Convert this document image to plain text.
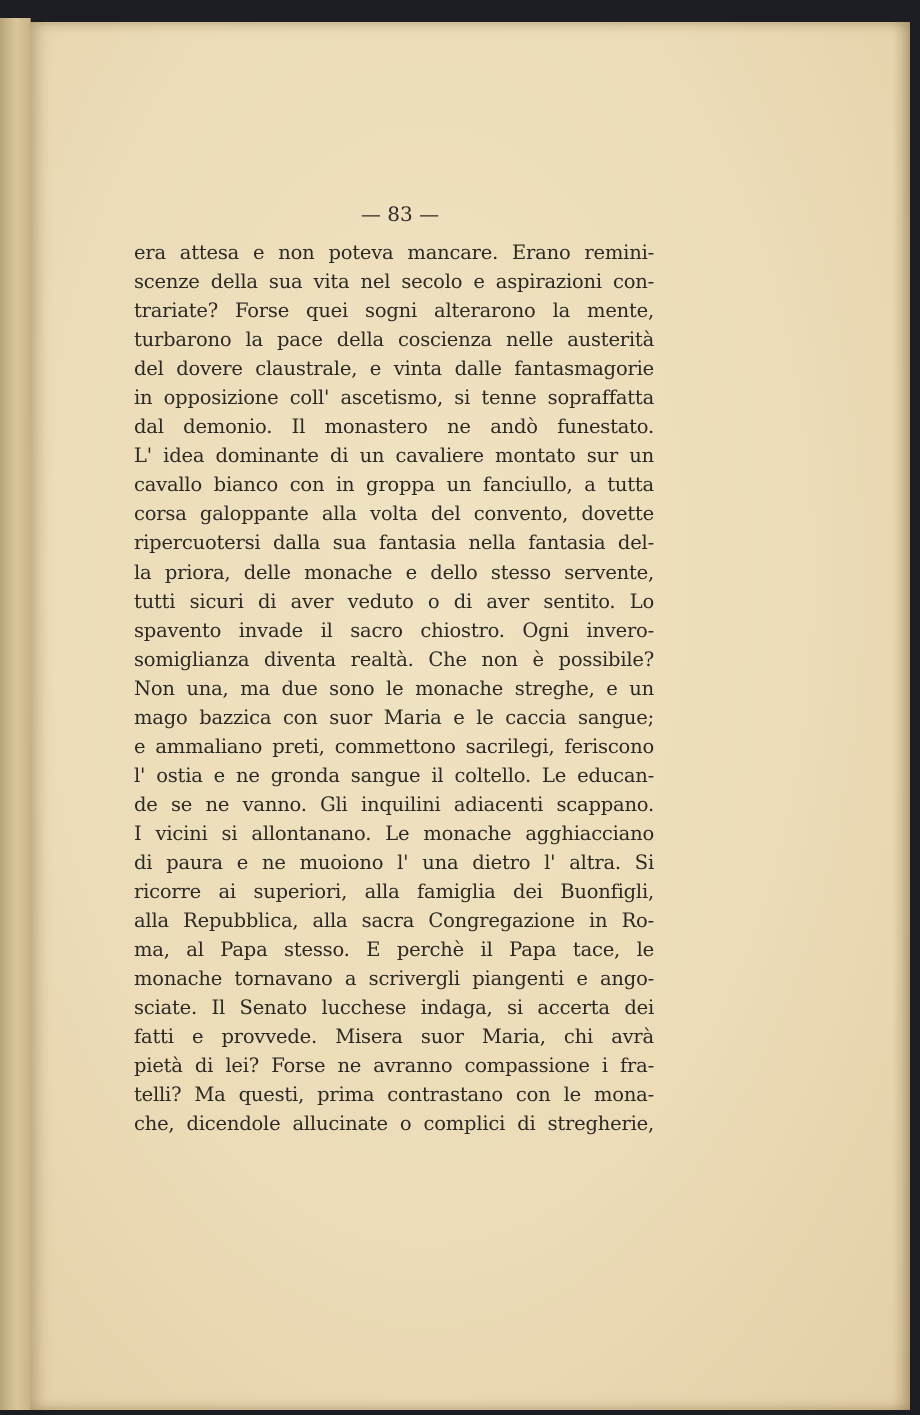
— 83 —

era attesa e non poteva mancare. Erano remini-
scenze della sua vita nel secolo e aspirazioni con-
trariate? Forse quei sogni alterarono la mente,
turbarono la pace della coscienza nelle austerità
del dovere claustrale, e vinta dalle fantasmagorie
in opposizione coll' ascetismo, si tenne sopraffatta
dal demonio. Il monastero ne andò funestato.
L' idea dominante di un cavaliere montato sur un
cavallo bianco con in groppa un fanciullo, a tutta
corsa galoppante alla volta del convento, dovette
ripercuotersi dalla sua fantasia nella fantasia del-
la priora, delle monache e dello stesso servente,
tutti sicuri di aver veduto o di aver sentito. Lo
spavento invade il sacro chiostro. Ogni invero-
somiglianza diventa realtà. Che non è possibile?
Non una, ma due sono le monache streghe, e un
mago bazzica con suor Maria e le caccia sangue;
e ammaliano preti, commettono sacrilegi, feriscono
l' ostia e ne gronda sangue il coltello. Le educan-
de se ne vanno. Gli inquilini adiacenti scappano.
I vicini si allontanano. Le monache agghiacciano
di paura e ne muoiono l' una dietro l' altra. Si
ricorre ai superiori, alla famiglia dei Buonfigli,
alla Repubblica, alla sacra Congregazione in Ro-
ma, al Papa stesso. E perchè il Papa tace, le
monache tornavano a scrivergli piangenti e ango-
sciate. Il Senato lucchese indaga, si accerta dei
fatti e provvede. Misera suor Maria, chi avrà
pietà di lei? Forse ne avranno compassione i fra-
telli? Ma questi, prima contrastano con le mona-
che, dicendole allucinate o complici di stregherie,
